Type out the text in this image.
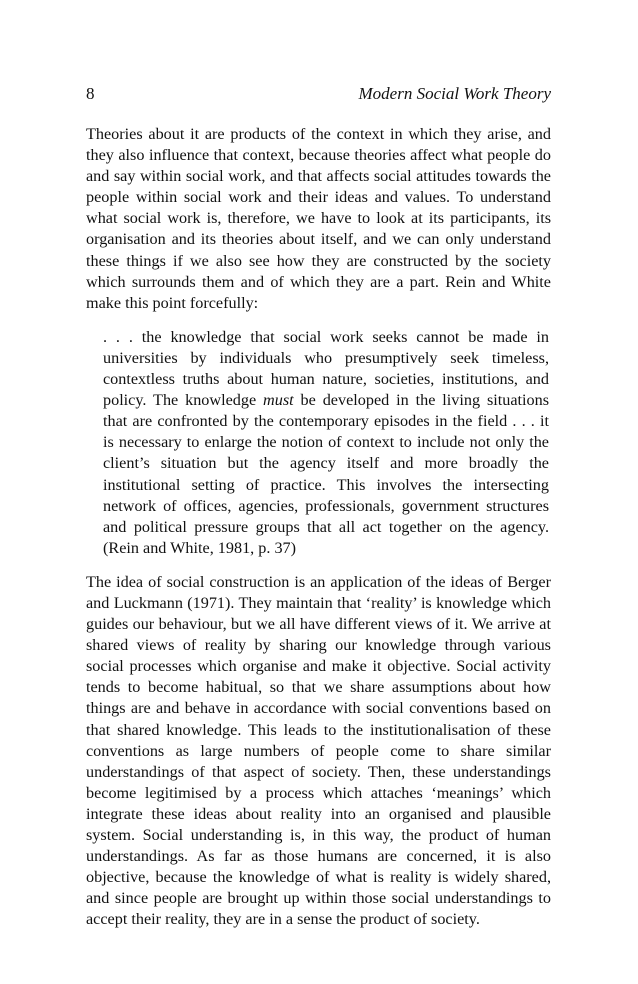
8	Modern Social Work Theory

Theories about it are products of the context in which they arise, and they also influence that context, because theories affect what people do and say within social work, and that affects social attitudes towards the people within social work and their ideas and values. To understand what social work is, therefore, we have to look at its participants, its organisation and its theories about itself, and we can only understand these things if we also see how they are constructed by the society which surrounds them and of which they are a part. Rein and White make this point forcefully:

. . . the knowledge that social work seeks cannot be made in universities by individuals who presumptively seek timeless, contextless truths about human nature, societies, institutions, and policy. The knowledge must be developed in the living situations that are confronted by the contemporary episodes in the field . . . it is necessary to enlarge the notion of context to include not only the client’s situation but the agency itself and more broadly the institutional setting of practice. This involves the intersecting network of offices, agencies, professionals, government structures and political pressure groups that all act together on the agency. (Rein and White, 1981, p. 37)

The idea of social construction is an application of the ideas of Berger and Luckmann (1971). They maintain that ‘reality’ is knowledge which guides our behaviour, but we all have different views of it. We arrive at shared views of reality by sharing our knowledge through various social processes which organise and make it objective. Social activity tends to become habitual, so that we share assumptions about how things are and behave in accordance with social conventions based on that shared knowledge. This leads to the institutionalisation of these conventions as large numbers of people come to share similar understandings of that aspect of society. Then, these understandings become legitimised by a process which attaches ‘meanings’ which integrate these ideas about reality into an organised and plausible system. Social understanding is, in this way, the product of human understandings. As far as those humans are concerned, it is also objective, because the knowledge of what is reality is widely shared, and since people are brought up within those social understandings to accept their reality, they are in a sense the product of society.
